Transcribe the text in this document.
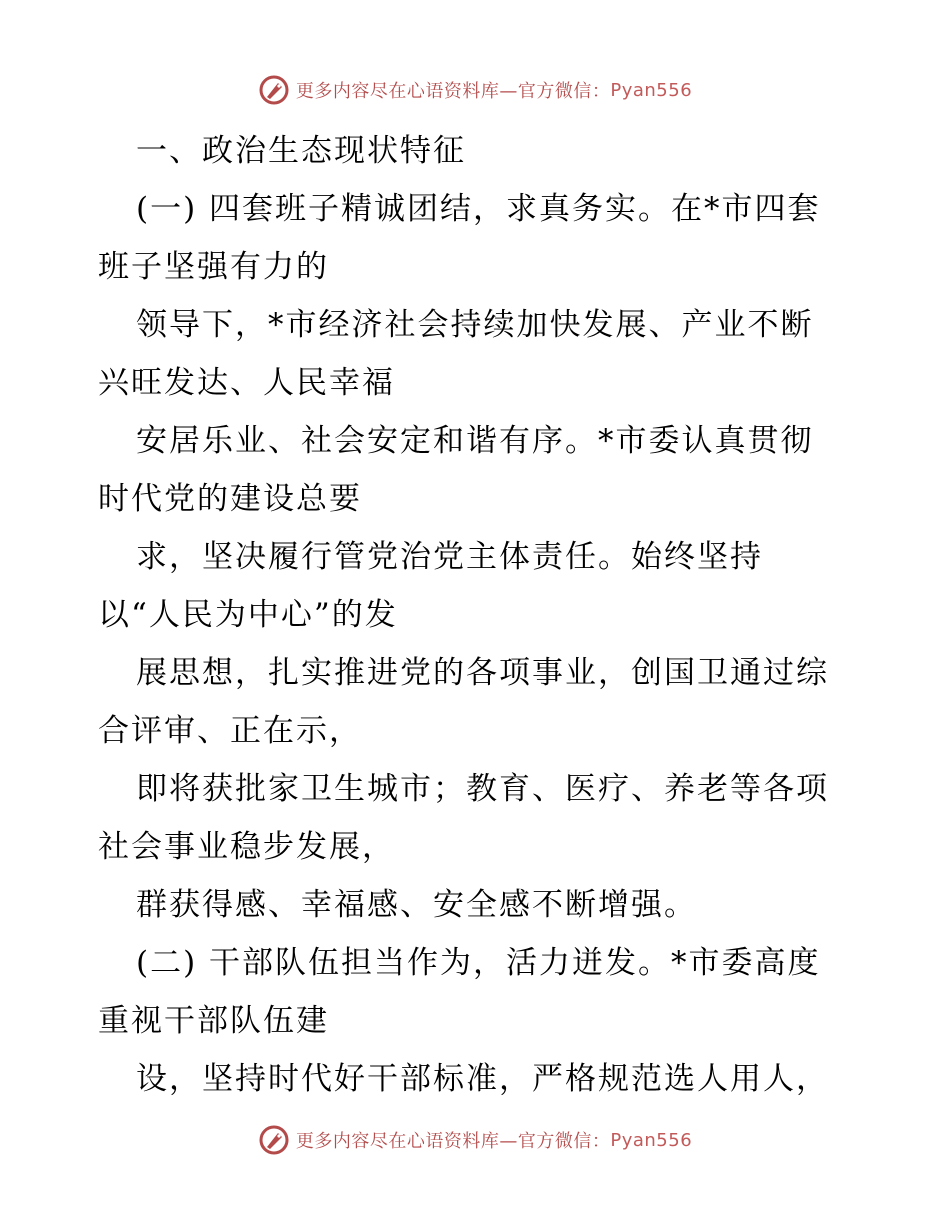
更多内容尽在心语资料库—官方微信： Pyan556
一、政治生态现状特征
(一) 四套班子精诚团结，求真务实。在*市四套
班子坚强有力的
领导下，*市经济社会持续加快发展、产业不断
兴旺发达、人民幸福
安居乐业、社会安定和谐有序。*市委认真贯彻
时代党的建设总要
求，坚决履行管党治党主体责任。始终坚持
以“人民为中心”的发
展思想，扎实推进党的各项事业，创国卫通过综
合评审、正在示，
即将获批家卫生城市；教育、医疗、养老等各项
社会事业稳步发展，
群获得感、幸福感、安全感不断增强。
(二) 干部队伍担当作为，活力迸发。*市委高度
重视干部队伍建
设，坚持时代好干部标准，严格规范选人用人，
更多内容尽在心语资料库—官方微信： Pyan556
